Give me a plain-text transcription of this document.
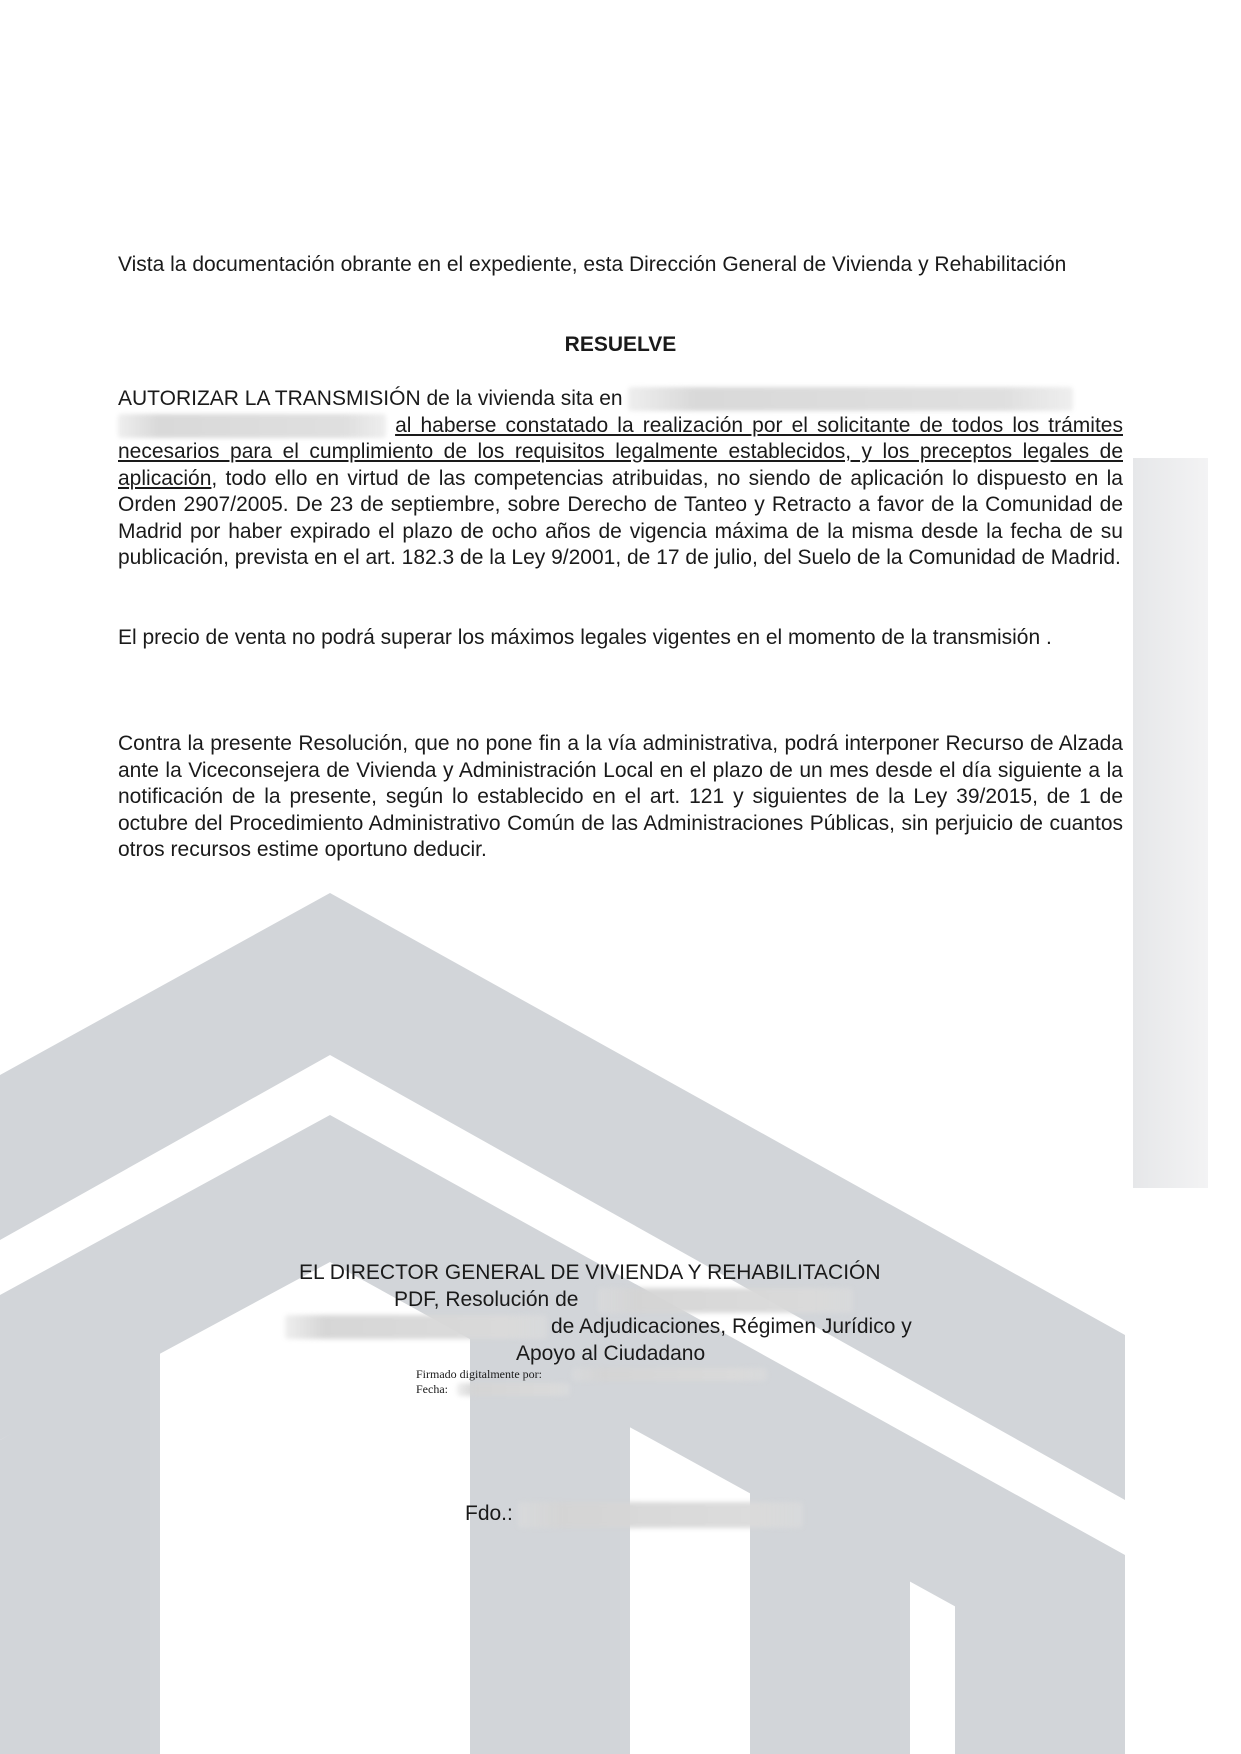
Vista la documentación obrante en el expediente, esta Dirección General de Vivienda y Rehabilitación

RESUELVE

AUTORIZAR LA TRANSMISIÓN de la vivienda sita en
al haberse constatado la realización por el solicitante de todos los trámites necesarios para el cumplimiento de los requisitos legalmente establecidos, y los preceptos legales de aplicación, todo ello en virtud de las competencias atribuidas, no siendo de aplicación lo dispuesto en la Orden 2907/2005. De 23 de septiembre, sobre Derecho de Tanteo y Retracto a favor de la Comunidad de Madrid por haber expirado el plazo de ocho años de vigencia máxima de la misma desde la fecha de su publicación, prevista en el art. 182.3 de la Ley 9/2001, de 17 de julio, del Suelo de la Comunidad de Madrid.

El precio de venta no podrá superar los máximos legales vigentes en el momento de la transmisión .

Contra la presente Resolución, que no pone fin a la vía administrativa, podrá interponer Recurso de Alzada ante la Viceconsejera de Vivienda y Administración Local en el plazo de un mes desde el día siguiente a la notificación de la presente, según lo establecido en el art. 121 y siguientes de la Ley 39/2015, de 1 de octubre del Procedimiento Administrativo Común de las Administraciones Públicas, sin perjuicio de cuantos otros recursos estime oportuno deducir.

EL DIRECTOR GENERAL DE VIVIENDA Y REHABILITACIÓN
PDF, Resolución de
de Adjudicaciones, Régimen Jurídico y
Apoyo al Ciudadano
Firmado digitalmente por:
Fecha:
Fdo.:
